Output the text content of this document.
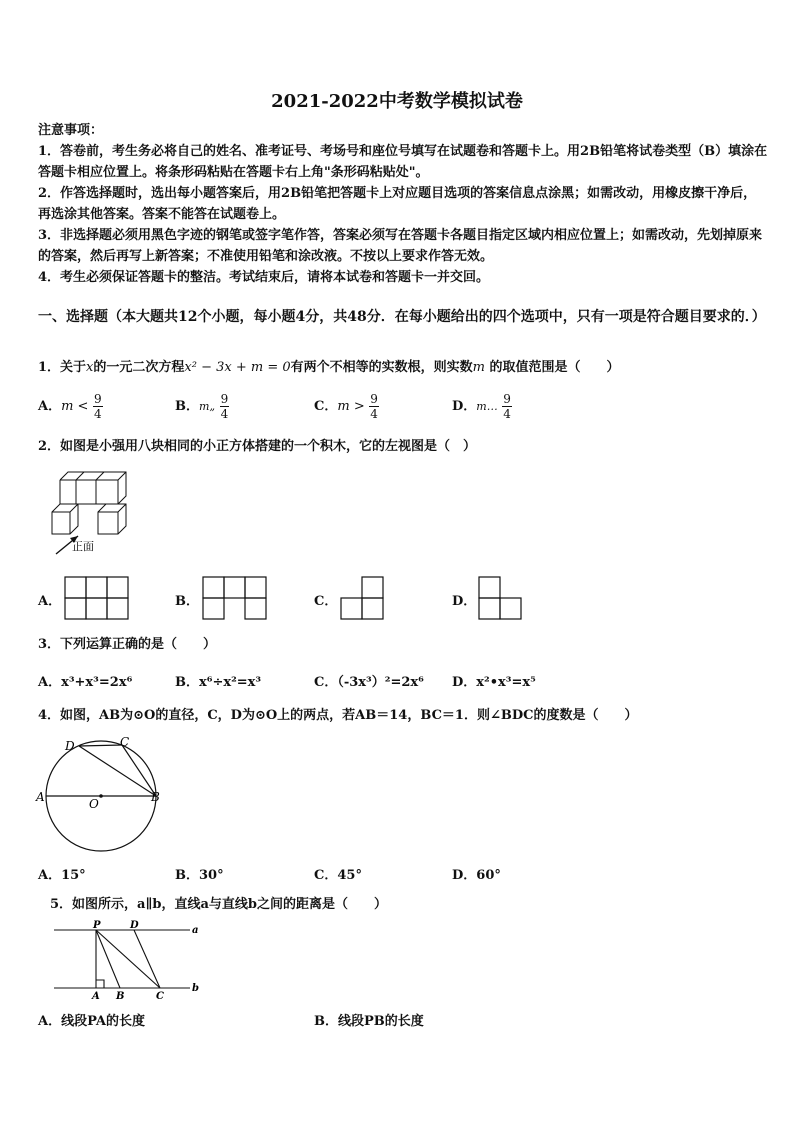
2021-2022中考数学模拟试卷
注意事项：
1．答卷前，考生务必将自己的姓名、准考证号、考场号和座位号填写在试题卷和答题卡上。用2B铅笔将试卷类型（B）填涂在答题卡相应位置上。将条形码粘贴在答题卡右上角"条形码粘贴处"。
2．作答选择题时，选出每小题答案后，用2B铅笔把答题卡上对应题目选项的答案信息点涂黑；如需改动，用橡皮擦干净后，再选涂其他答案。答案不能答在试题卷上。
3．非选择题必须用黑色字迹的钢笔或签字笔作答，答案必须写在答题卡各题目指定区域内相应位置上；如需改动，先划掉原来的答案，然后再写上新答案；不准使用铅笔和涂改液。不按以上要求作答无效。
4．考生必须保证答题卡的整洁。考试结束后，请将本试卷和答题卡一并交回。
一、选择题（本大题共12个小题，每小题4分，共48分．在每小题给出的四个选项中，只有一项是符合题目要求的．）
1．关于x的一元二次方程x² − 3x + m = 0有两个不相等的实数根，则实数m 的取值范围是（　　）
A．$m < \frac{9}{4}$	B．m„ $\frac{9}{4}$	C．$m > \frac{9}{4}$	D．m… $\frac{9}{4}$
2．如图是小强用八块相同的小正方体搭建的一个积木，它的左视图是（　）
正面
A．	B．	C．	D．
3．下列运算正确的是（　　）
A．x³+x³=2x⁶	B．x⁶÷x²=x³	C．（-3x³）²=2x⁶ D．x²•x³=x⁵
4．如图，AB为⊙O的直径，C，D为⊙O上的两点，若AB＝14，BC＝1．则∠BDC的度数是（　　）
A	B
C
D
O
A．15°	B．30°	C．45°	D．60°
5．如图所示，a∥b，直线a与直线b之间的距离是（　　）
P	D	a
b
A B	C
A．线段PA的长度	B．线段PB的长度
